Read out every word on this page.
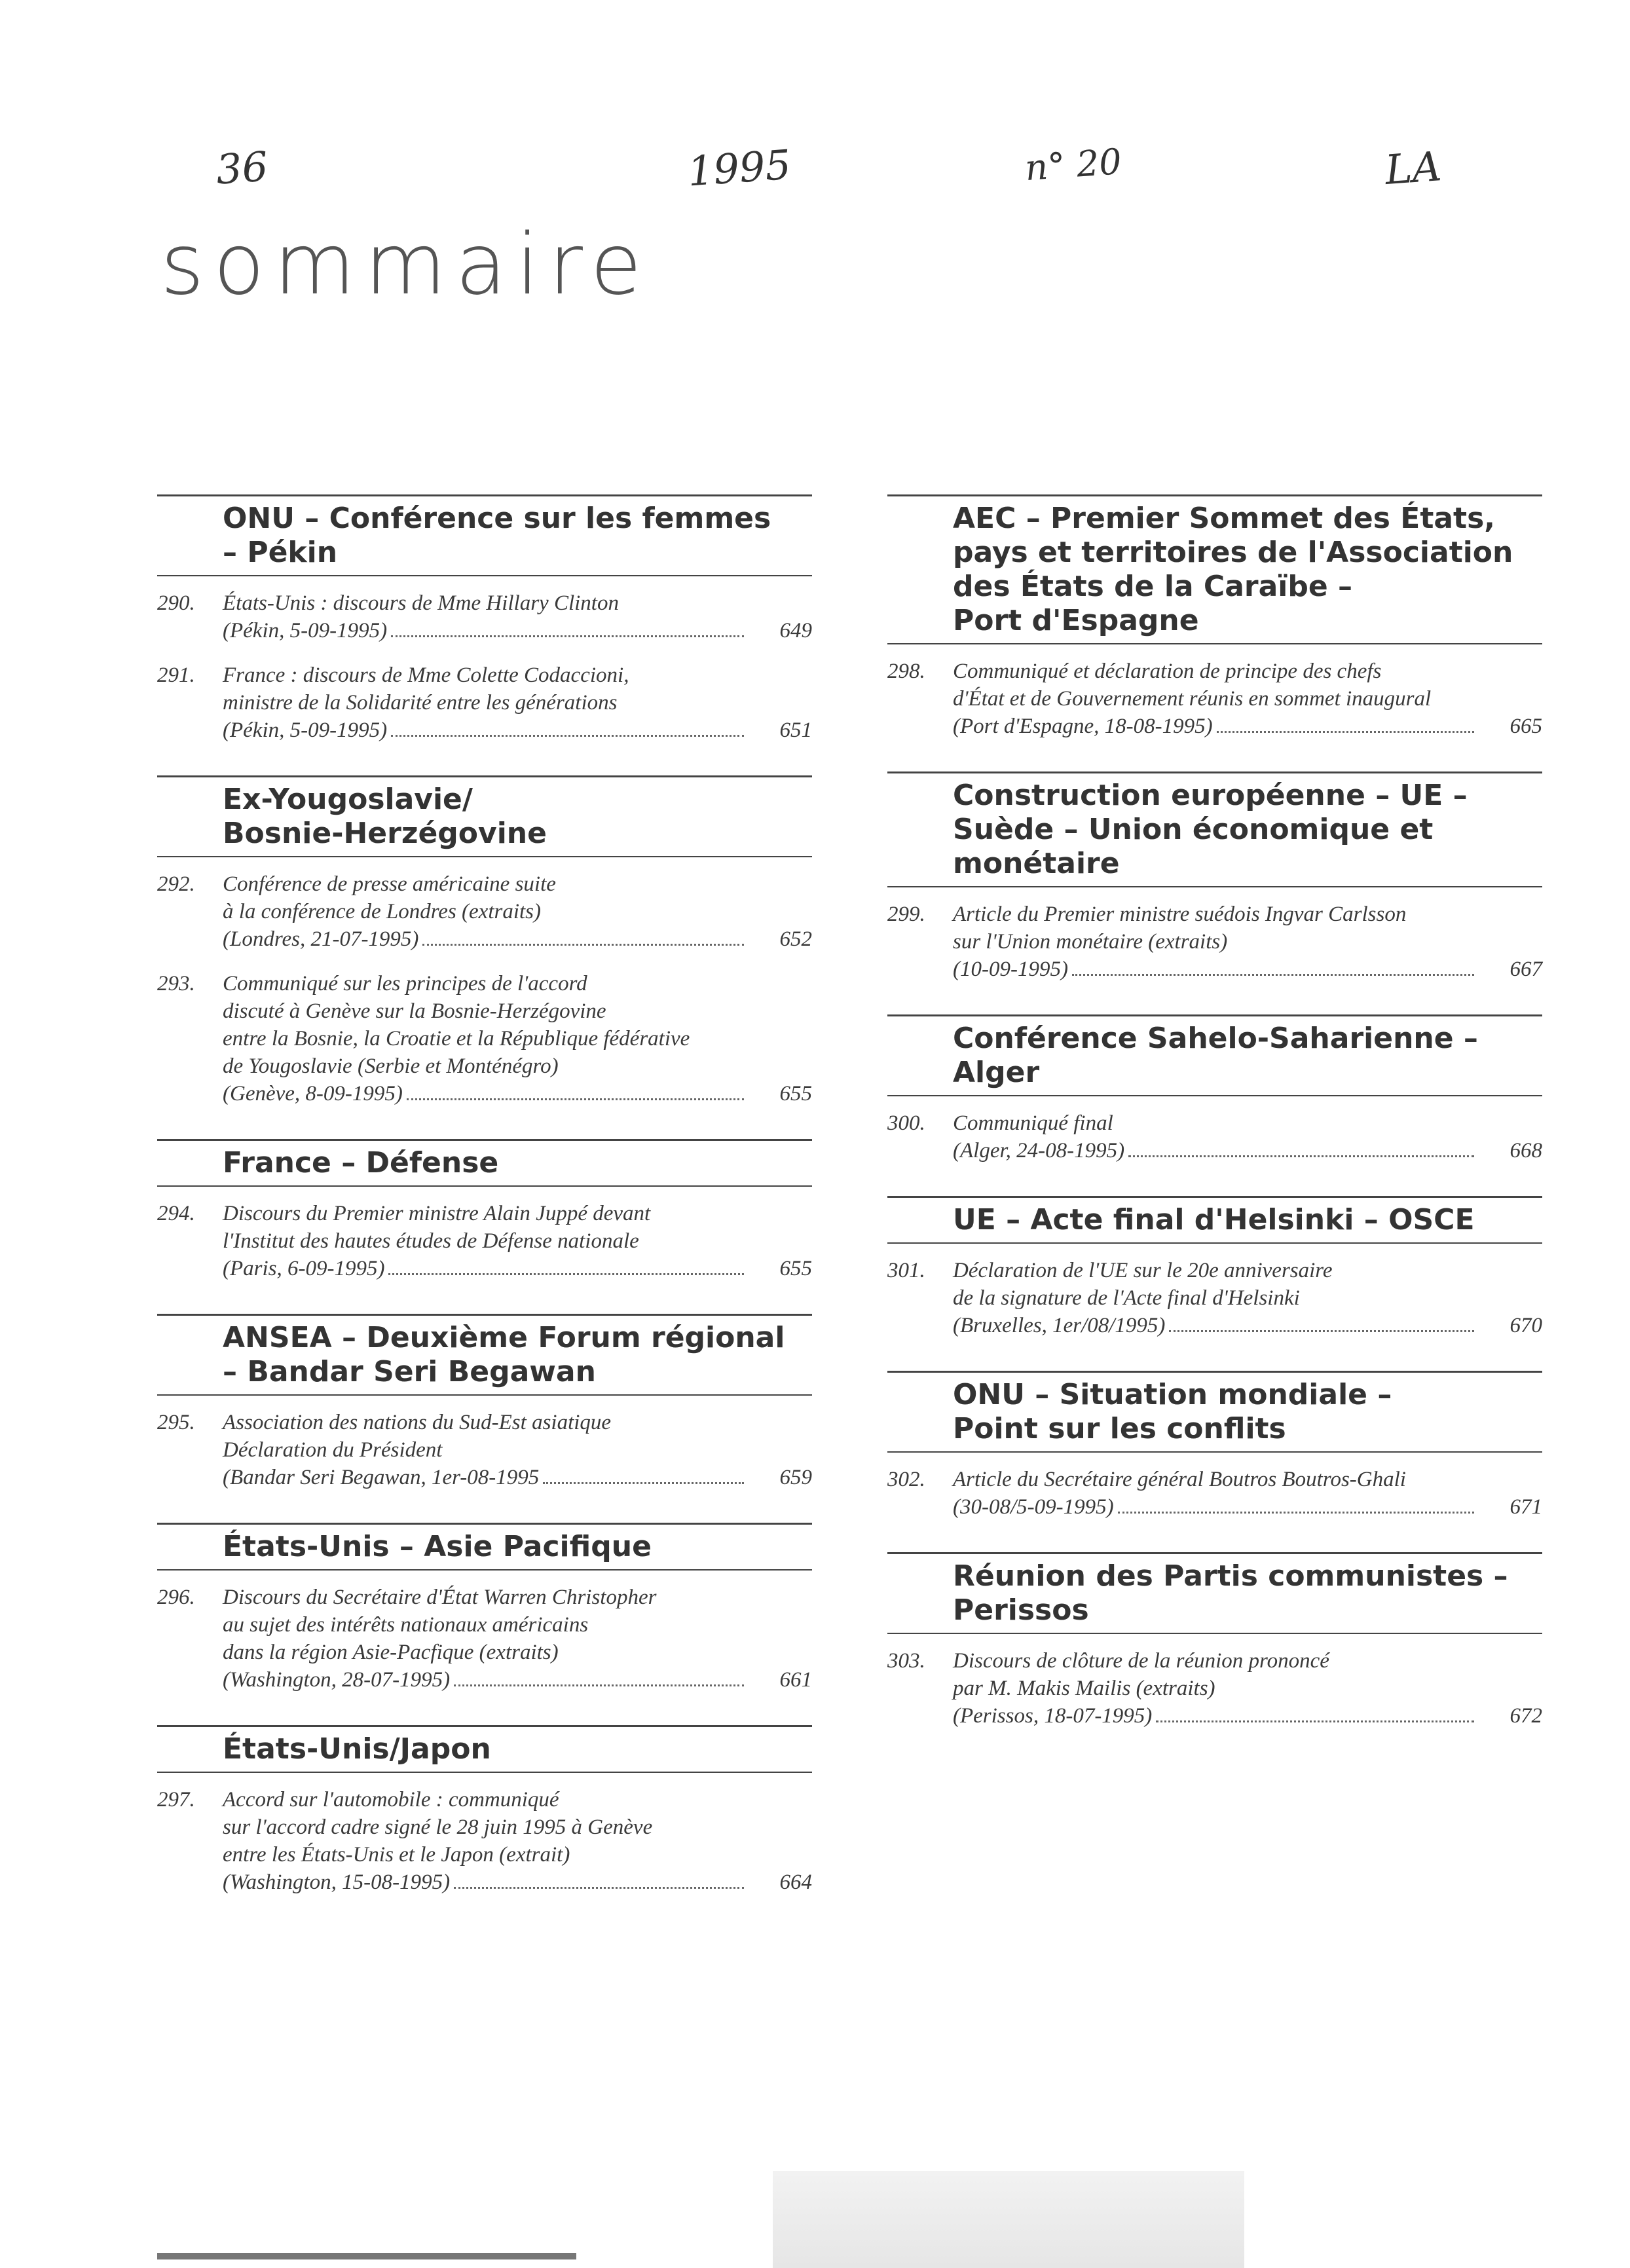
36	1995	n° 20	LA
sommaire
ONU – Conférence sur les femmes
– Pékin
290. États-Unis : discours de Mme Hillary Clinton
(Pékin, 5-09-1995)	649
291. France : discours de Mme Colette Codaccioni,
ministre de la Solidarité entre les générations
(Pékin, 5-09-1995)	651
Ex-Yougoslavie/
Bosnie-Herzégovine
292. Conférence de presse américaine suite
à la conférence de Londres (extraits)
(Londres, 21-07-1995)	652
293. Communiqué sur les principes de l'accord
discuté à Genève sur la Bosnie-Herzégovine
entre la Bosnie, la Croatie et la République fédérative
de Yougoslavie (Serbie et Monténégro)
(Genève, 8-09-1995)	655
France – Défense
294. Discours du Premier ministre Alain Juppé devant
l'Institut des hautes études de Défense nationale
(Paris, 6-09-1995)	655
ANSEA – Deuxième Forum régional
– Bandar Seri Begawan
295. Association des nations du Sud-Est asiatique
Déclaration du Président
(Bandar Seri Begawan, 1er-08-1995	659
États-Unis – Asie Pacifique
296. Discours du Secrétaire d'État Warren Christopher
au sujet des intérêts nationaux américains
dans la région Asie-Pacfique (extraits)
(Washington, 28-07-1995)	661
États-Unis/Japon
297. Accord sur l'automobile : communiqué
sur l'accord cadre signé le 28 juin 1995 à Genève
entre les États-Unis et le Japon (extrait)
(Washington, 15-08-1995)	664
AEC – Premier Sommet des États,
pays et territoires de l'Association
des États de la Caraïbe –
Port d'Espagne
298. Communiqué et déclaration de principe des chefs
d'État et de Gouvernement réunis en sommet inaugural
(Port d'Espagne, 18-08-1995)	665
Construction européenne – UE –
Suède – Union économique et
monétaire
299. Article du Premier ministre suédois Ingvar Carlsson
sur l'Union monétaire (extraits)
(10-09-1995)	667
Conférence Sahelo-Saharienne –
Alger
300. Communiqué final
(Alger, 24-08-1995)	668
UE – Acte final d'Helsinki – OSCE
301. Déclaration de l'UE sur le 20e anniversaire
de la signature de l'Acte final d'Helsinki
(Bruxelles, 1er/08/1995)	670
ONU – Situation mondiale –
Point sur les conflits
302. Article du Secrétaire général Boutros Boutros-Ghali
(30-08/5-09-1995)	671
Réunion des Partis communistes –
Perissos
303. Discours de clôture de la réunion prononcé
par M. Makis Mailis (extraits)
(Perissos, 18-07-1995)	672
